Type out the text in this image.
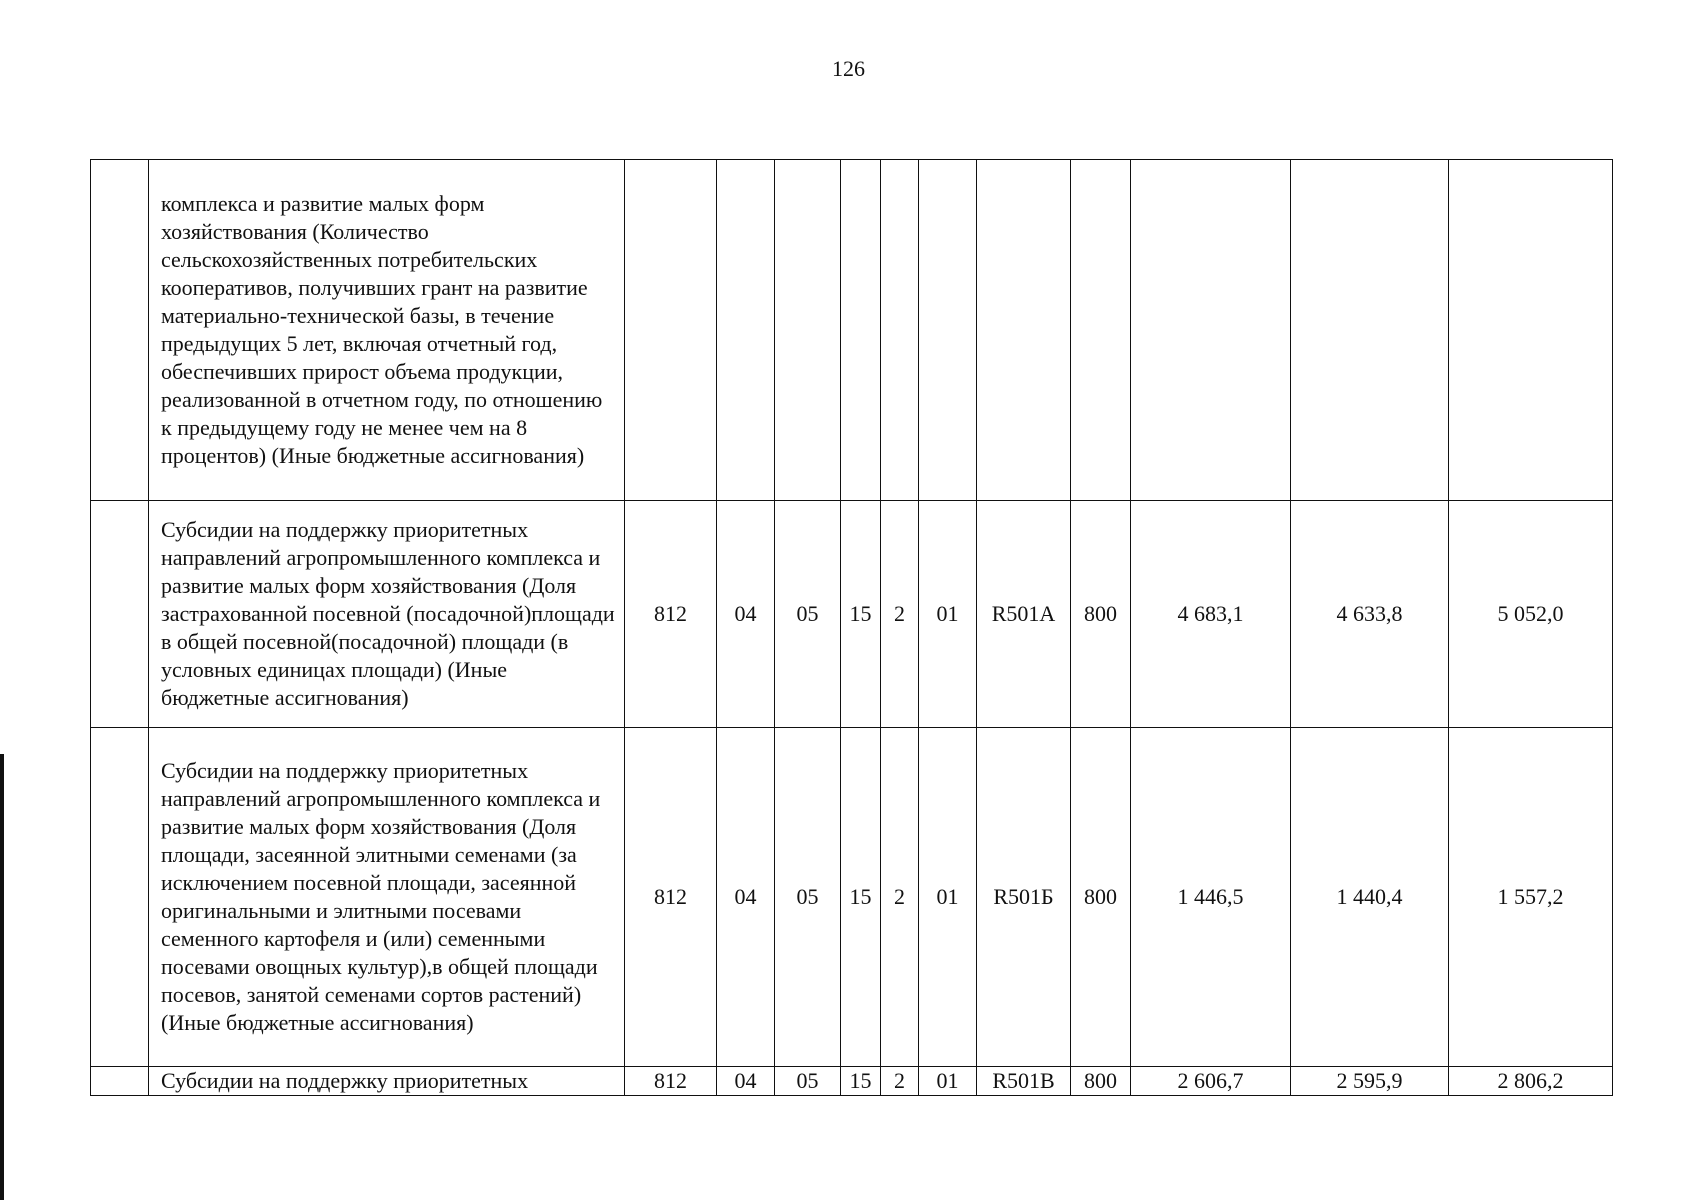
126
	комплекса и развитие малых форм хозяйствования (Количество сельскохозяйственных потребительских кооперативов, получивших грант на развитие материально-технической базы, в течение предыдущих 5 лет, включая отчетный год, обеспечивших прирост объема продукции, реализованной в отчетном году, по отношению к предыдущему году не менее чем на 8 процентов) (Иные бюджетные ассигнования)											
	Субсидии на поддержку приоритетных направлений агропромышленного комплекса и развитие малых форм хозяйствования (Доля застрахованной посевной (посадочной)площади в общей посевной(посадочной) площади (в условных единицах площади) (Иные бюджетные ассигнования)	812	04	05	15	2	01	R501А	800	4 683,1	4 633,8	5 052,0
	Субсидии на поддержку приоритетных направлений агропромышленного комплекса и развитие малых форм хозяйствования (Доля площади, засеянной элитными семенами (за исключением посевной площади, засеянной оригинальными и элитными посевами семенного картофеля и (или) семенными посевами овощных культур),в общей площади посевов, занятой семенами сортов растений) (Иные бюджетные ассигнования)	812	04	05	15	2	01	R501Б	800	1 446,5	1 440,4	1 557,2
	Субсидии на поддержку приоритетных	812	04	05	15	2	01	R501В	800	2 606,7	2 595,9	2 806,2
